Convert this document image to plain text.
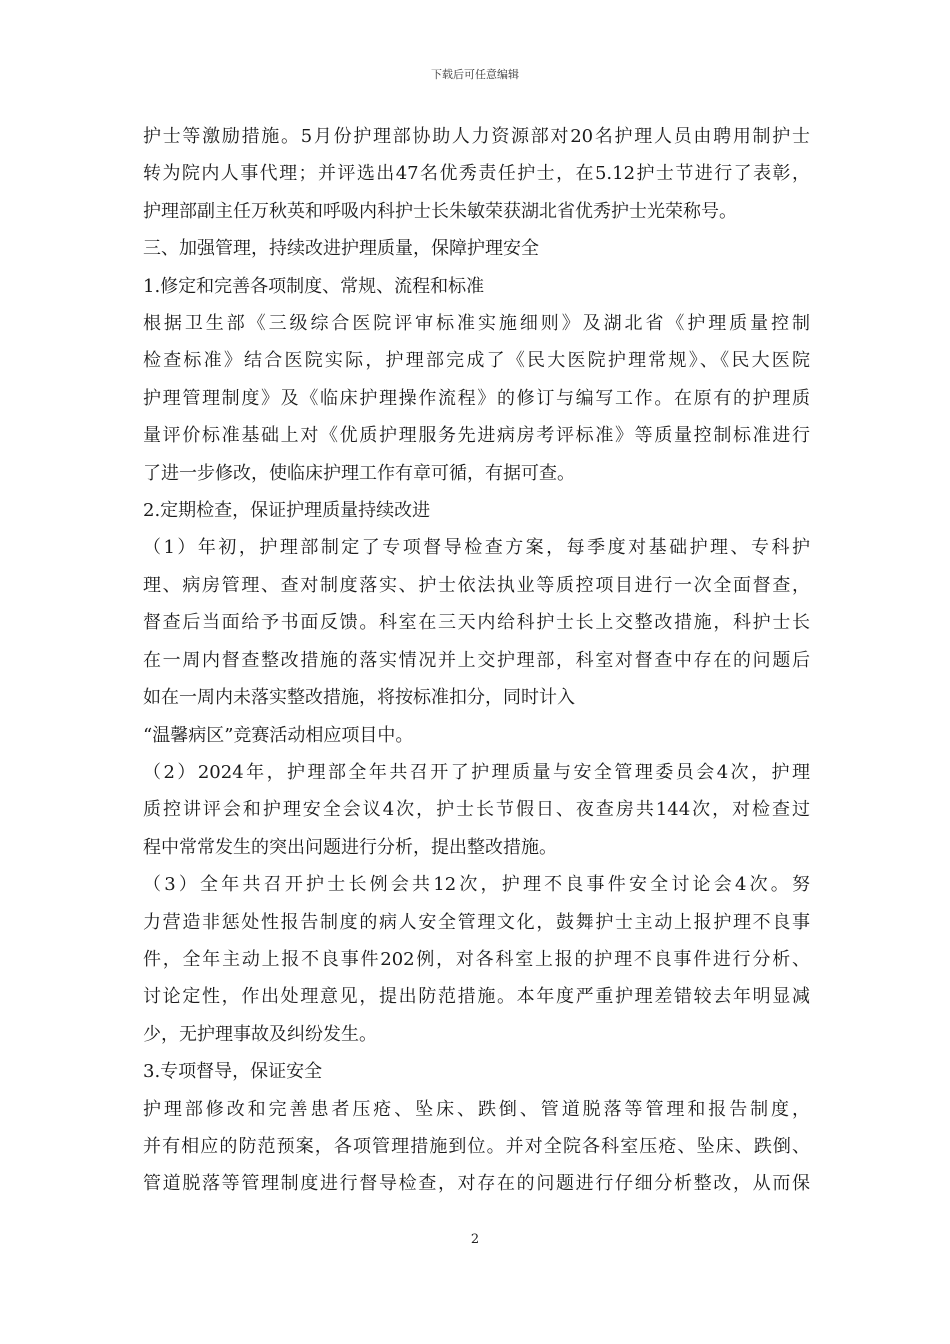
下载后可任意编辑

护士等激励措施。5月份护理部协助人力资源部对20名护理人员由聘用制护士

转为院内人事代理；并评选出47名优秀责任护士，在5.12护士节进行了表彰，

护理部副主任万秋英和呼吸内科护士长朱敏荣获湖北省优秀护士光荣称号。

三、加强管理，持续改进护理质量，保障护理安全

1.修定和完善各项制度、常规、流程和标准

根据卫生部《三级综合医院评审标准实施细则》及湖北省《护理质量控制

检查标准》结合医院实际，护理部完成了《民大医院护理常规》、《民大医院

护理管理制度》及《临床护理操作流程》的修订与编写工作。在原有的护理质

量评价标准基础上对《优质护理服务先进病房考评标准》等质量控制标准进行

了进一步修改，使临床护理工作有章可循，有据可查。

2.定期检查，保证护理质量持续改进

（1）年初，护理部制定了专项督导检查方案，每季度对基础护理、专科护

理、病房管理、查对制度落实、护士依法执业等质控项目进行一次全面督查，

督查后当面给予书面反馈。科室在三天内给科护士长上交整改措施，科护士长

在一周内督查整改措施的落实情况并上交护理部，科室对督查中存在的问题后

如在一周内未落实整改措施，将按标准扣分，同时计入

“温馨病区”竞赛活动相应项目中。

（2）2024年，护理部全年共召开了护理质量与安全管理委员会4次，护理

质控讲评会和护理安全会议4次，护士长节假日、夜查房共144次，对检查过

程中常常发生的突出问题进行分析，提出整改措施。

（3）全年共召开护士长例会共12次，护理不良事件安全讨论会4次。努

力营造非惩处性报告制度的病人安全管理文化，鼓舞护士主动上报护理不良事

件，全年主动上报不良事件202例，对各科室上报的护理不良事件进行分析、

讨论定性，作出处理意见，提出防范措施。本年度严重护理差错较去年明显减

少，无护理事故及纠纷发生。

3.专项督导，保证安全

护理部修改和完善患者压疮、坠床、跌倒、管道脱落等管理和报告制度，

并有相应的防范预案，各项管理措施到位。并对全院各科室压疮、坠床、跌倒、

管道脱落等管理制度进行督导检查，对存在的问题进行仔细分析整改，从而保

2
